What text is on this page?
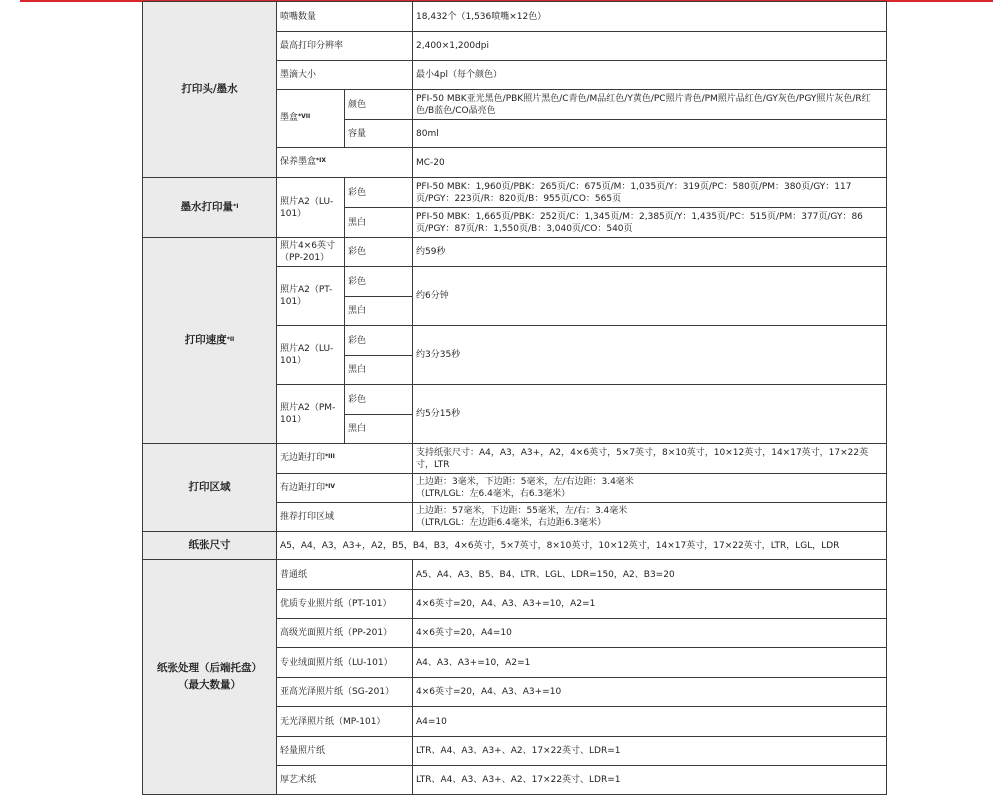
打印头/墨水	喷嘴数量		18,432个（1,536喷嘴×12色）
	最高打印分辨率		2,400×1,200dpi
	墨滴大小		最小4pl（每个颜色）
	墨盒$^{*VII}$	颜色	PFI-50 MBK亚光黑色/PBK照片黑色/C青色/M品红色/Y黄色/PC照片青色/PM照片品红色/GY灰色/PGY照片灰色/R红色/B蓝色/CO晶亮色
		容量	80ml
	保养墨盒$^{*IX}$		MC-20
墨水打印量$^{*I}$	照片A2（LU-101）	彩色	PFI-50 MBK：1,960页/PBK：265页/C：675页/M：1,035页/Y：319页/PC：580页/PM：380页/GY：117页/PGY：223页/R：820页/B：955页/CO：565页
		黑白	PFI-50 MBK：1,665页/PBK：252页/C：1,345页/M：2,385页/Y：1,435页/PC：515页/PM：377页/GY：86页/PGY：87页/R：1,550页/B：3,040页/CO：540页
打印速度$^{*II}$	照片4×6英寸（PP-201）	彩色	约59秒
	照片A2（PT-101）	彩色	约6分钟
		黑白	
	照片A2（LU-101）	彩色	约3分35秒
		黑白	
	照片A2（PM-101）	彩色	约5分15秒
		黑白	
打印区域	无边距打印$^{*III}$		支持纸张尺寸：A4，A3，A3+，A2，4×6英寸，5×7英寸，8×10英寸，10×12英寸，14×17英寸，17×22英寸，LTR
	有边距打印$^{*IV}$		上边距：3毫米，下边距：5毫米，左/右边距：3.4毫米
（LTR/LGL：左6.4毫米，右6.3毫米）
	推荐打印区域		上边距：57毫米，下边距：55毫米，左/右：3.4毫米
（LTR/LGL：左边距6.4毫米，右边距6.3毫米）
纸张尺寸	A5，A4，A3，A3+，A2，B5，B4，B3，4×6英寸，5×7英寸，8×10英寸，10×12英寸，14×17英寸，17×22英寸，LTR，LGL，LDR		
纸张处理（后端托盘）
（最大数量）	普通纸		A5、A4、A3、B5、B4、LTR、LGL、LDR=150，A2、B3=20
	优质专业照片纸（PT-101）		4×6英寸=20，A4、A3、A3+=10，A2=1
	高级光面照片纸（PP-201）		4×6英寸=20，A4=10
	专业绒面照片纸（LU-101）		A4、A3、A3+=10，A2=1
	亚高光泽照片纸（SG-201）		4×6英寸=20，A4、A3、A3+=10
	无光泽照片纸（MP-101）		A4=10
	轻量照片纸		LTR、A4、A3、A3+、A2、17×22英寸、LDR=1
	厚艺术纸		LTR、A4、A3、A3+、A2、17×22英寸、LDR=1
